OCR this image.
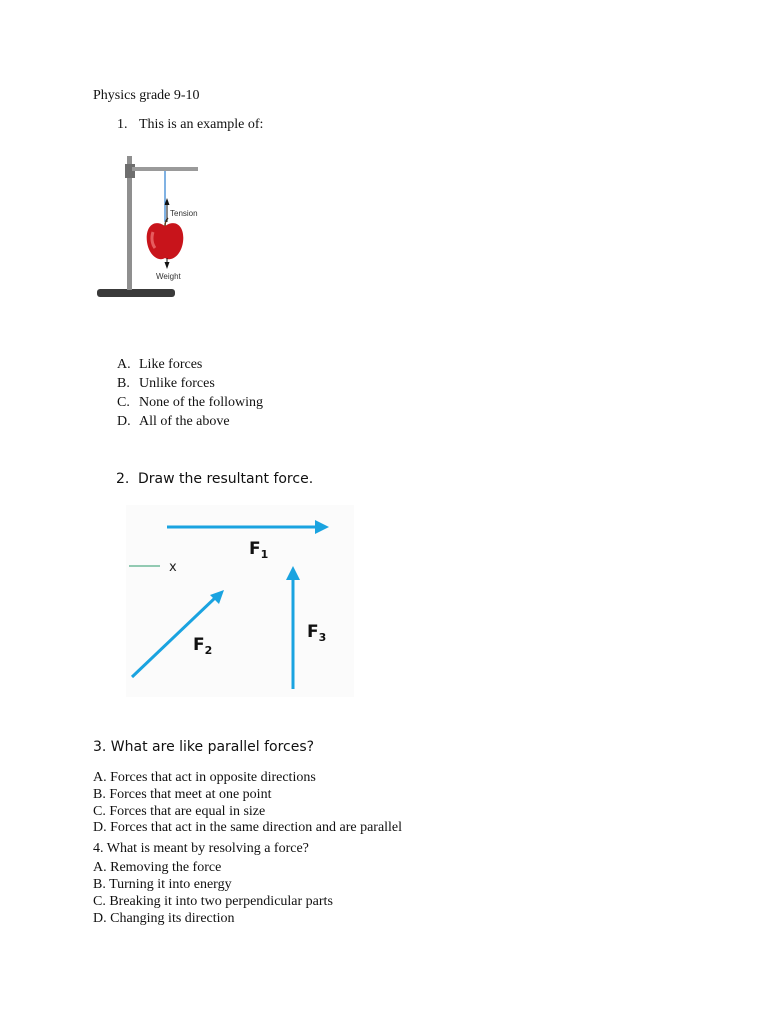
Physics grade 9-10
1. This is an example of:
Tension
Weight
A. Like forces
B. Unlike forces
C. None of the following
D. All of the above
2. Draw the resultant force.
x
$F_1$
$F_2$
$F_3$
3. What are like parallel forces?
A. Forces that act in opposite directions
B. Forces that meet at one point
C. Forces that are equal in size
D. Forces that act in the same direction and are parallel
4. What is meant by resolving a force?
A. Removing the force
B. Turning it into energy
C. Breaking it into two perpendicular parts
D. Changing its direction
